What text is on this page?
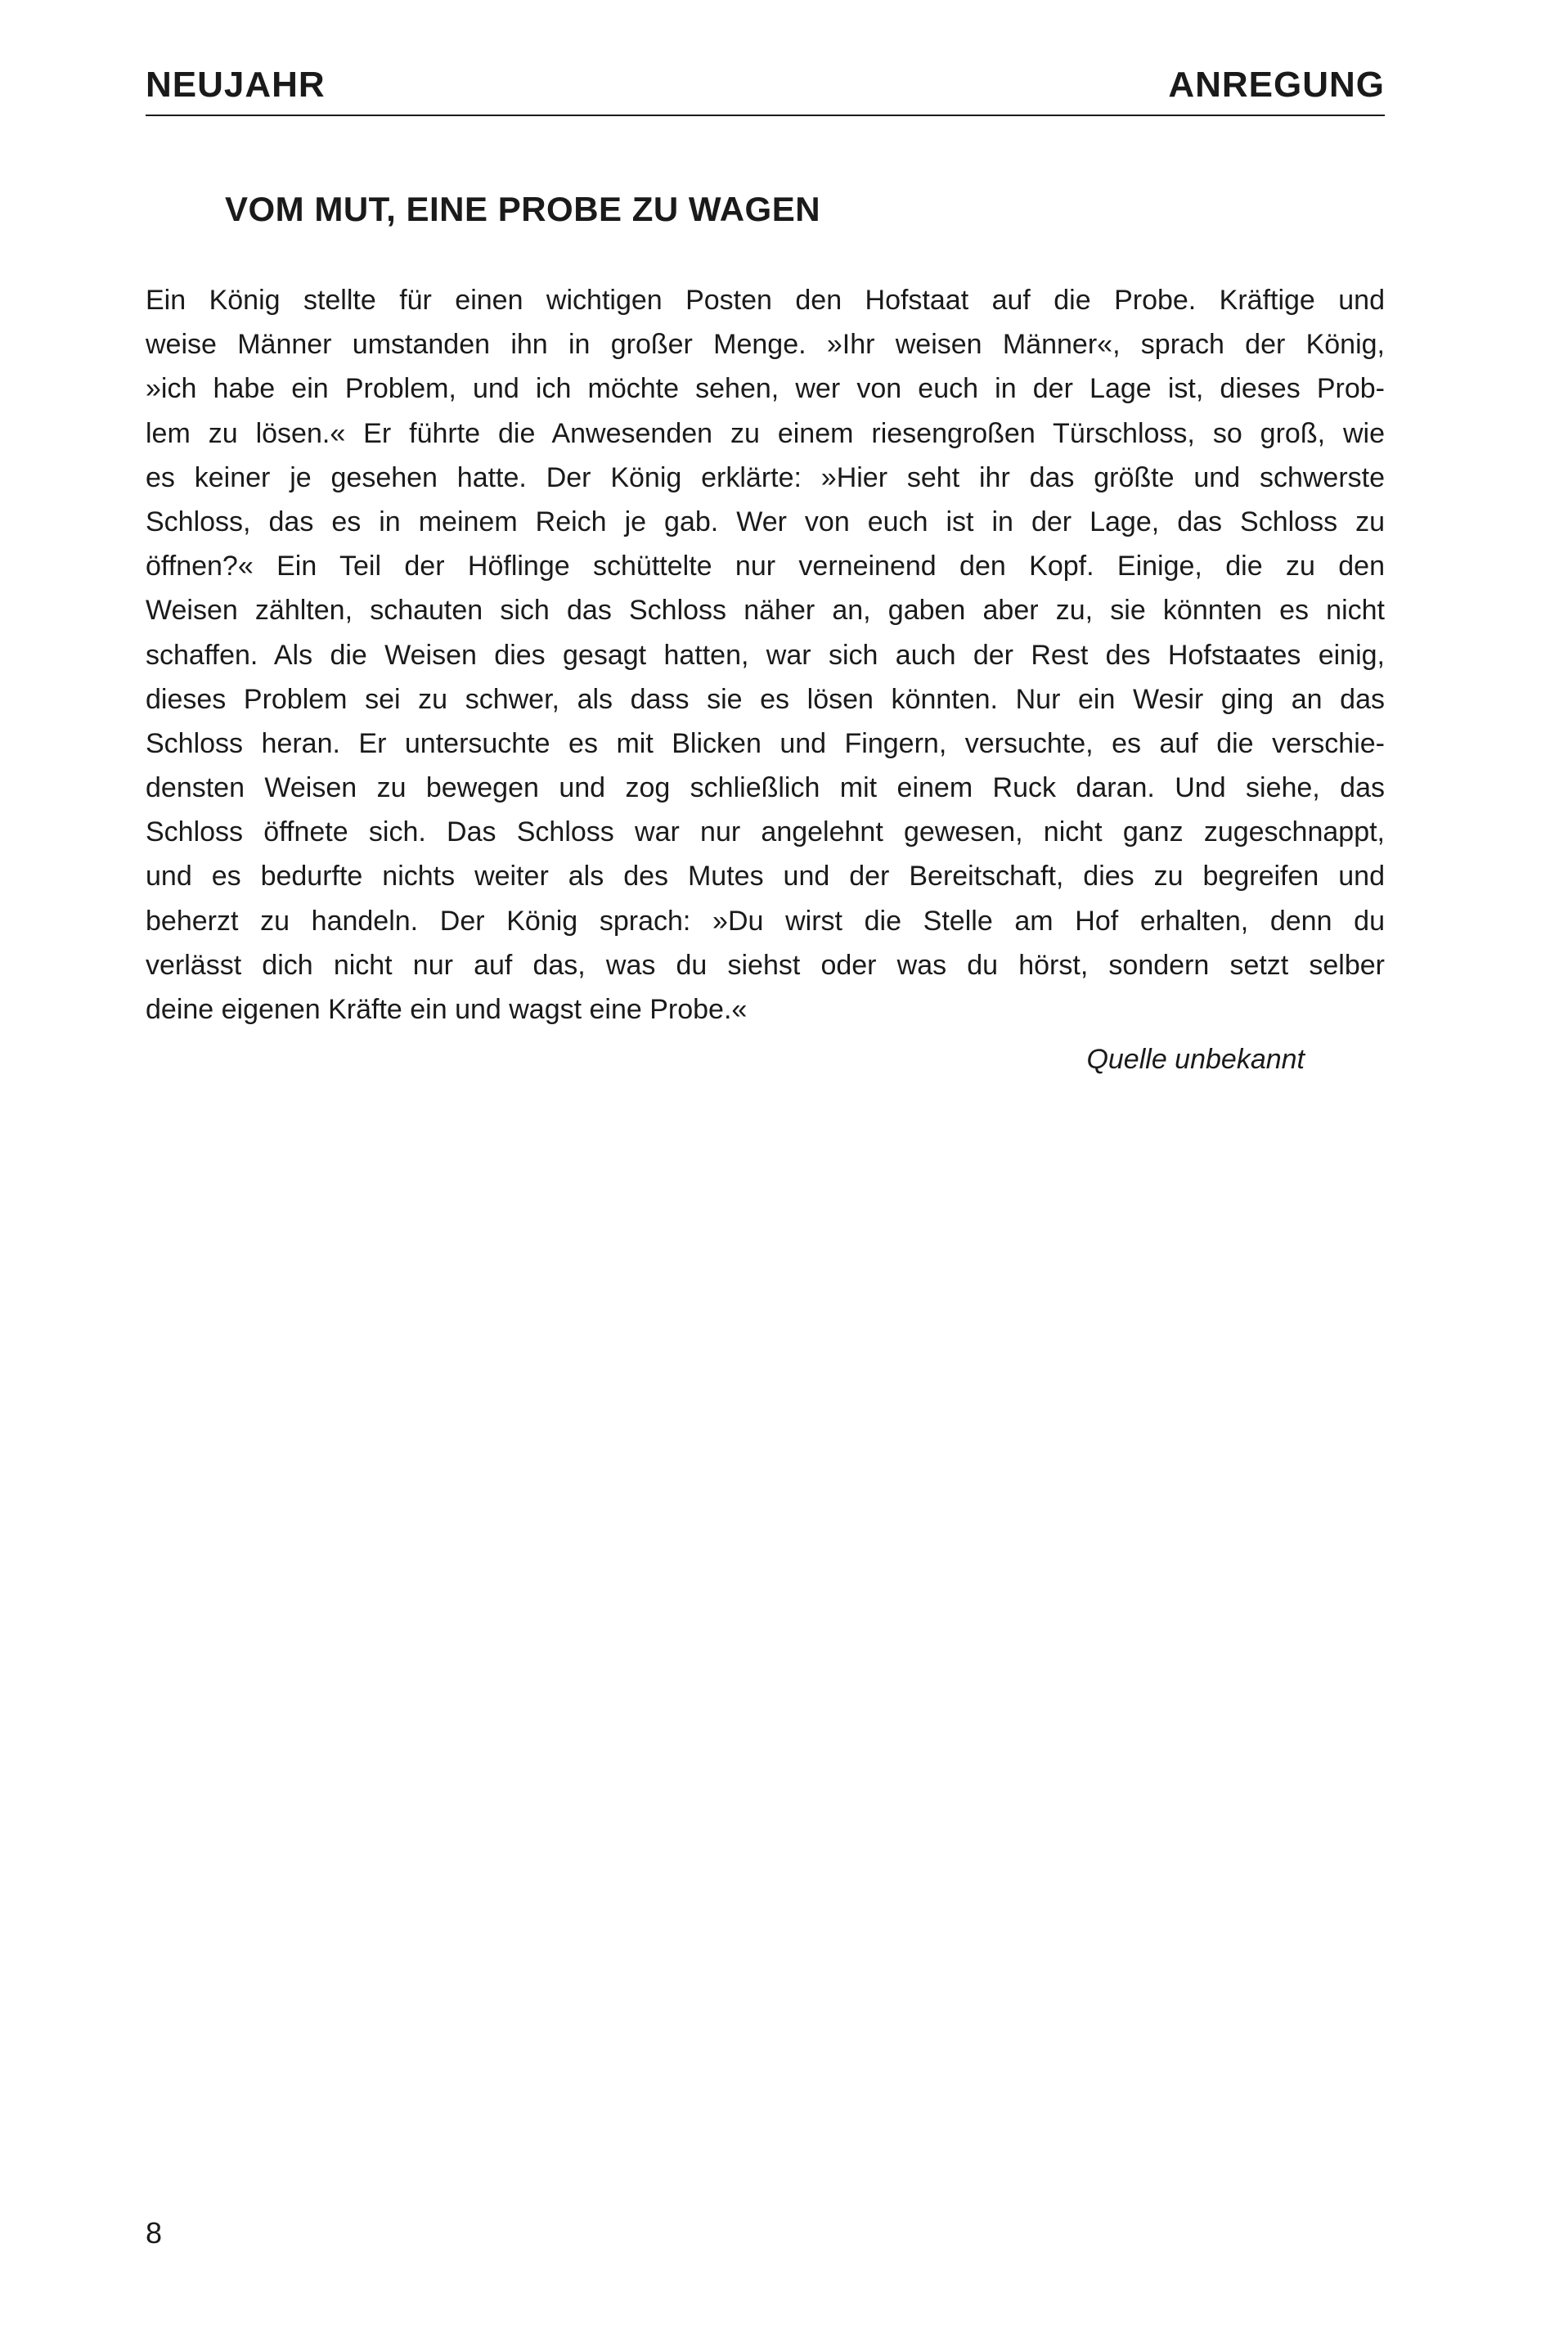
NEUJAHR	ANREGUNG
VOM MUT, EINE PROBE ZU WAGEN
Ein König stellte für einen wichtigen Posten den Hofstaat auf die Probe. Kräftige und
weise Männer umstanden ihn in großer Menge. »Ihr weisen Männer«, sprach der König,
»ich habe ein Problem, und ich möchte sehen, wer von euch in der Lage ist, dieses Prob-
lem zu lösen.« Er führte die Anwesenden zu einem riesengroßen Türschloss, so groß, wie
es keiner je gesehen hatte. Der König erklärte: »Hier seht ihr das größte und schwerste
Schloss, das es in meinem Reich je gab. Wer von euch ist in der Lage, das Schloss zu
öffnen?« Ein Teil der Höflinge schüttelte nur verneinend den Kopf. Einige, die zu den
Weisen zählten, schauten sich das Schloss näher an, gaben aber zu, sie könnten es nicht
schaffen. Als die Weisen dies gesagt hatten, war sich auch der Rest des Hofstaates einig,
dieses Problem sei zu schwer, als dass sie es lösen könnten. Nur ein Wesir ging an das
Schloss heran. Er untersuchte es mit Blicken und Fingern, versuchte, es auf die verschie-
densten Weisen zu bewegen und zog schließlich mit einem Ruck daran. Und siehe, das
Schloss öffnete sich. Das Schloss war nur angelehnt gewesen, nicht ganz zugeschnappt,
und es bedurfte nichts weiter als des Mutes und der Bereitschaft, dies zu begreifen und
beherzt zu handeln. Der König sprach: »Du wirst die Stelle am Hof erhalten, denn du
verlässt dich nicht nur auf das, was du siehst oder was du hörst, sondern setzt selber
deine eigenen Kräfte ein und wagst eine Probe.«
Quelle unbekannt
8
